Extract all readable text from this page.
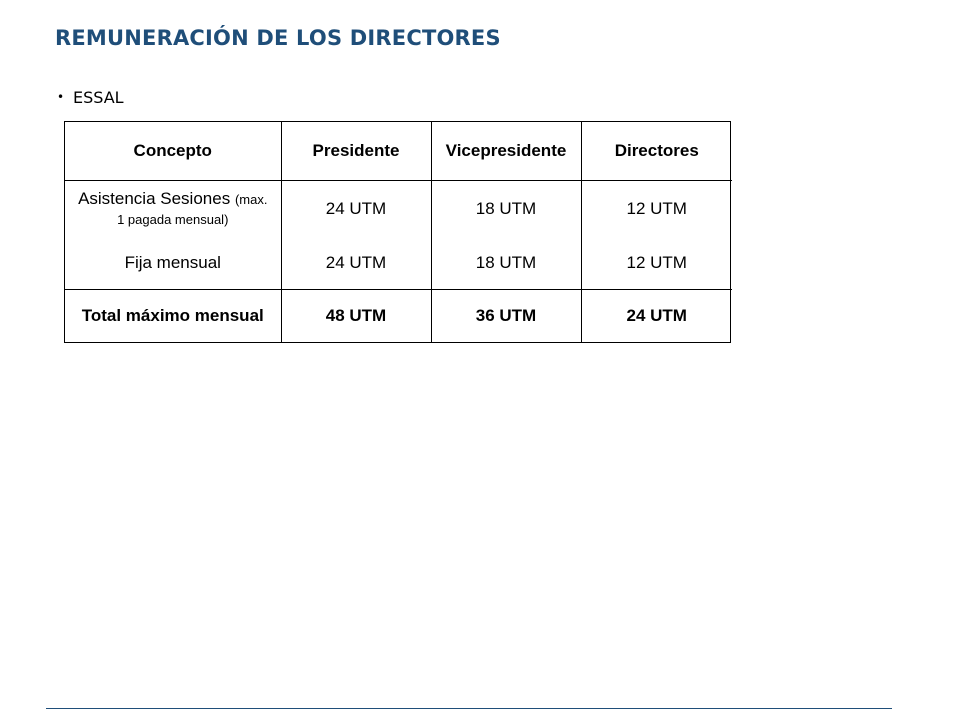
REMUNERACIÓN DE LOS DIRECTORES
• ESSAL
Concepto	Presidente	Vicepresidente	Directores
Asistencia Sesiones (max.
1 pagada mensual)	24 UTM	18 UTM	12 UTM
Fija mensual	24 UTM	18 UTM	12 UTM
Total máximo mensual	48 UTM	36 UTM	24 UTM
